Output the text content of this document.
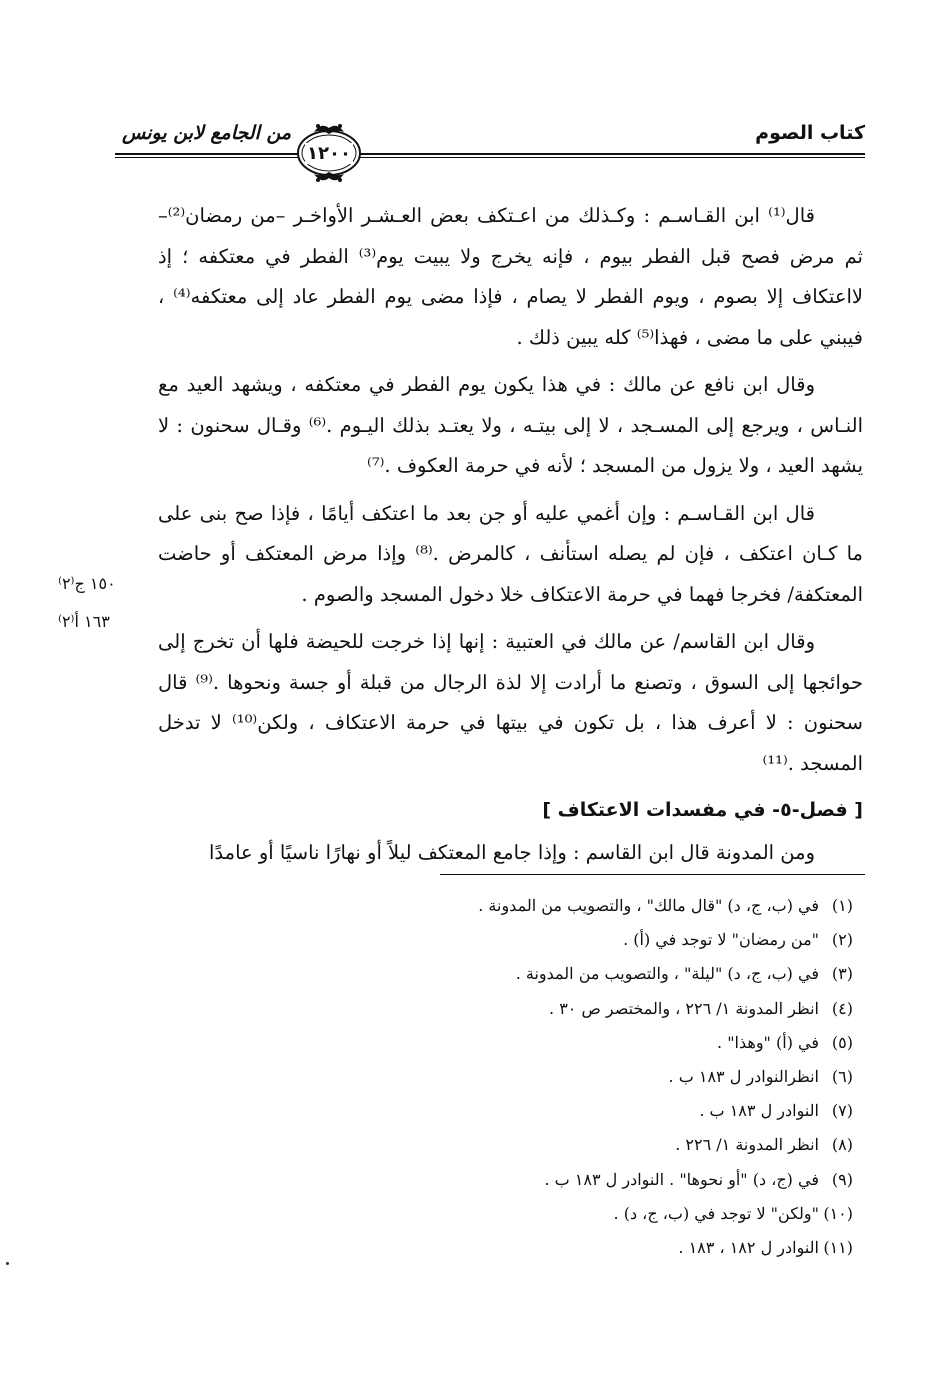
كتاب الصوم
من الجامع لابن يونس
١٢٠٠

قال⁽¹⁾ ابن القـاسـم : وكـذلك من اعـتكف بعض العـشـر الأواخـر –من رمضان⁽²⁾– ثم مرض فصح قبل الفطر بيوم ، فإنه يخرج ولا يبيت يوم⁽³⁾ الفطر في معتكفه ؛ إذ لااعتكاف إلا بصوم ، ويوم الفطر لا يصام ، فإذا مضى يوم الفطر عاد إلى معتكفه⁽⁴⁾ ، فيبني على ما مضى ، فهذا⁽⁵⁾ كله يبين ذلك .

وقال ابن نافع عن مالك : في هذا يكون يوم الفطر في معتكفه ، ويشهد العيد مع النـاس ، ويرجع إلى المسـجد ، لا إلى بيتـه ، ولا يعتـد بذلك اليـوم .⁽⁶⁾ وقـال سحنون : لا يشهد العيد ، ولا يزول من المسجد ؛ لأنه في حرمة العكوف .⁽⁷⁾

قال ابن القـاسـم : وإن أغمي عليه أو جن بعد ما اعتكف أيامًا ، فإذا صح بنى على ما كـان اعتكف ، فإن لم يصله استأنف ، كالمرض .⁽⁸⁾ وإذا مرض المعتكف أو حاضت المعتكفة/ فخرجا فهما في حرمة الاعتكاف خلا دخول المسجد والصوم .

وقال ابن القاسم/ عن مالك في العتبية : إنها إذا خرجت للحيضة فلها أن تخرج إلى حوائجها إلى السوق ، وتصنع ما أرادت إلا لذة الرجال من قبلة أو جسة ونحوها .⁽⁹⁾ قال سحنون : لا أعرف هذا ، بل تكون في بيتها في حرمة الاعتكاف ، ولكن⁽¹⁰⁾ لا تدخل المسجد .⁽¹¹⁾

[ فصل-٥- في مفسدات الاعتكاف ]

ومن المدونة قال ابن القاسم : وإذا جامع المعتكف ليلاً أو نهارًا ناسيًا أو عامدًا

١٥٠ ج⁽٢⁾
١٦٣ أ⁽٢⁾
(١)في (ب، ج، د) "قال مالك" ، والتصويب من المدونة .
(٢)"من رمضان" لا توجد في (أ) .
(٣)في (ب، ج، د) "ليلة" ، والتصويب من المدونة .
(٤)انظر المدونة ١/ ٢٢٦ ، والمختصر ص ٣٠ .
(٥)في (أ) "وهذا" .
(٦)انظرالنوادر ل ١٨٣ ب .
(٧)النوادر ل ١٨٣ ب .
(٨)انظر المدونة ١/ ٢٢٦ .
(٩)في (ج، د) "أو نحوها" . النوادر ل ١٨٣ ب .
(١٠)"ولكن" لا توجد في (ب، ج، د) .
(١١)النوادر ل ١٨٢ ، ١٨٣ .
